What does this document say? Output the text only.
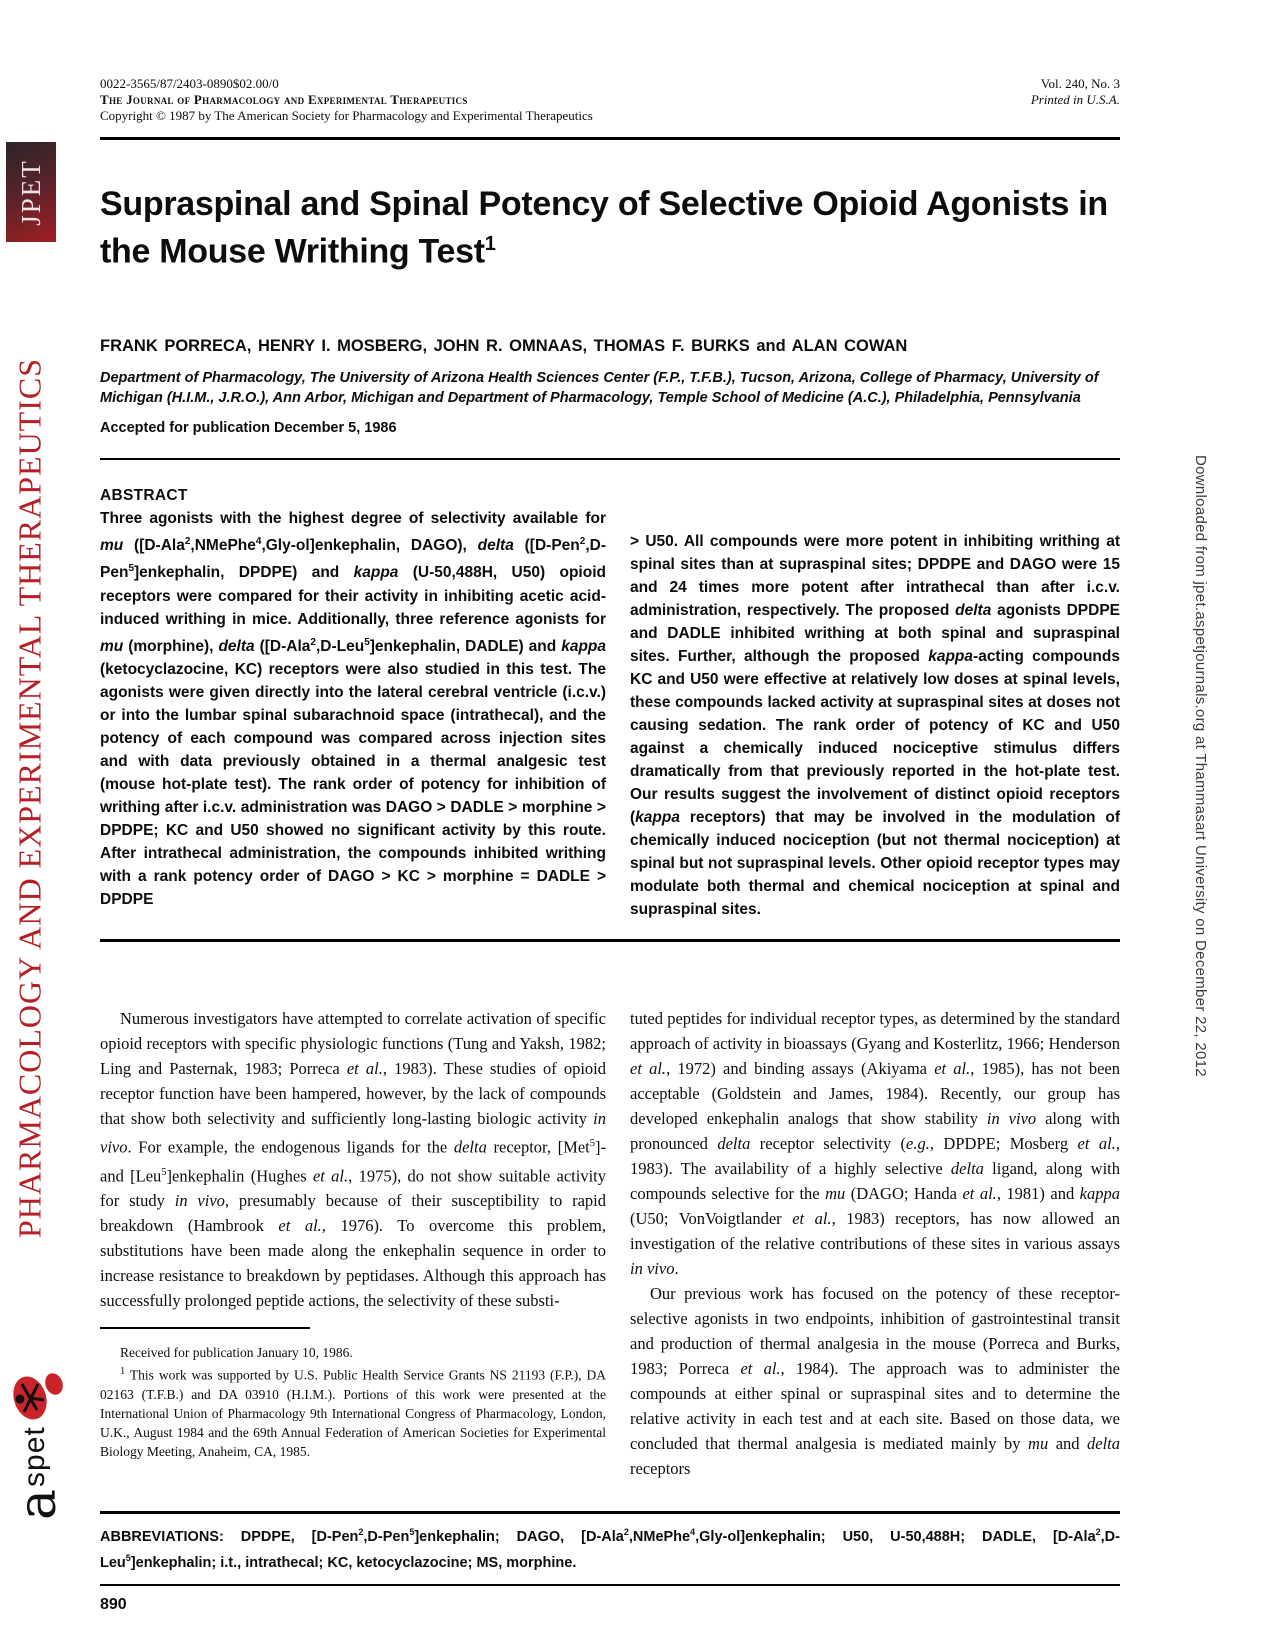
JPET
PHARMACOLOGY AND EXPERIMENTAL THERAPEUTICS
a
spet
Downloaded from jpet.aspetjournals.org at Thammasart University on December 22, 2012
0022-3565/87/2403-0890$02.00/0
The Journal of Pharmacology and Experimental Therapeutics
Copyright © 1987 by The American Society for Pharmacology and Experimental Therapeutics
Vol. 240, No. 3
Printed in U.S.A.
Supraspinal and Spinal Potency of Selective Opioid Agonists in the Mouse Writhing Test$^1$
FRANK PORRECA, HENRY I. MOSBERG, JOHN R. OMNAAS, THOMAS F. BURKS and ALAN COWAN
Department of Pharmacology, The University of Arizona Health Sciences Center (F.P., T.F.B.), Tucson, Arizona, College of Pharmacy, University of Michigan (H.I.M., J.R.O.), Ann Arbor, Michigan and Department of Pharmacology, Temple School of Medicine (A.C.), Philadelphia, Pennsylvania
Accepted for publication December 5, 1986
ABSTRACT
Three agonists with the highest degree of selectivity available for mu ([D-Ala$^2$,NMePhe$^4$,Gly-ol]enkephalin, DAGO), delta ([D-Pen$^2$,D-Pen$^5$]enkephalin, DPDPE) and kappa (U-50,488H, U50) opioid receptors were compared for their activity in inhibiting acetic acid-induced writhing in mice. Additionally, three reference agonists for mu (morphine), delta ([D-Ala$^2$,D-Leu$^5$]enkephalin, DADLE) and kappa (ketocyclazocine, KC) receptors were also studied in this test. The agonists were given directly into the lateral cerebral ventricle (i.c.v.) or into the lumbar spinal subarachnoid space (intrathecal), and the potency of each compound was compared across injection sites and with data previously obtained in a thermal analgesic test (mouse hot-plate test). The rank order of potency for inhibition of writhing after i.c.v. administration was DAGO > DADLE > morphine > DPDPE; KC and U50 showed no significant activity by this route. After intrathecal administration, the compounds inhibited writhing with a rank potency order of DAGO > KC > morphine = DADLE > DPDPE
> U50. All compounds were more potent in inhibiting writhing at spinal sites than at supraspinal sites; DPDPE and DAGO were 15 and 24 times more potent after intrathecal than after i.c.v. administration, respectively. The proposed delta agonists DPDPE and DADLE inhibited writhing at both spinal and supraspinal sites. Further, although the proposed kappa-acting compounds KC and U50 were effective at relatively low doses at spinal levels, these compounds lacked activity at supraspinal sites at doses not causing sedation. The rank order of potency of KC and U50 against a chemically induced nociceptive stimulus differs dramatically from that previously reported in the hot-plate test. Our results suggest the involvement of distinct opioid receptors (kappa receptors) that may be involved in the modulation of chemically induced nociception (but not thermal nociception) at spinal but not supraspinal levels. Other opioid receptor types may modulate both thermal and chemical nociception at spinal and supraspinal sites.

Numerous investigators have attempted to correlate activation of specific opioid receptors with specific physiologic functions (Tung and Yaksh, 1982; Ling and Pasternak, 1983; Porreca et al., 1983). These studies of opioid receptor function have been hampered, however, by the lack of compounds that show both selectivity and sufficiently long-lasting biologic activity in vivo. For example, the endogenous ligands for the delta receptor, [Met$^5$]- and [Leu$^5$]enkephalin (Hughes et al., 1975), do not show suitable activity for study in vivo, presumably because of their susceptibility to rapid breakdown (Hambrook et al., 1976). To overcome this problem, substitutions have been made along the enkephalin sequence in order to increase resistance to breakdown by peptidases. Although this approach has successfully prolonged peptide actions, the selectivity of these substi-

Received for publication January 10, 1986.

$^1$ This work was supported by U.S. Public Health Service Grants NS 21193 (F.P.), DA 02163 (T.F.B.) and DA 03910 (H.I.M.). Portions of this work were presented at the International Union of Pharmacology 9th International Congress of Pharmacology, London, U.K., August 1984 and the 69th Annual Federation of American Societies for Experimental Biology Meeting, Anaheim, CA, 1985.

tuted peptides for individual receptor types, as determined by the standard approach of activity in bioassays (Gyang and Kosterlitz, 1966; Henderson et al., 1972) and binding assays (Akiyama et al., 1985), has not been acceptable (Goldstein and James, 1984). Recently, our group has developed enkephalin analogs that show stability in vivo along with pronounced delta receptor selectivity (e.g., DPDPE; Mosberg et al., 1983). The availability of a highly selective delta ligand, along with compounds selective for the mu (DAGO; Handa et al., 1981) and kappa (U50; VonVoigtlander et al., 1983) receptors, has now allowed an investigation of the relative contributions of these sites in various assays in vivo.

Our previous work has focused on the potency of these receptor-selective agonists in two endpoints, inhibition of gastrointestinal transit and production of thermal analgesia in the mouse (Porreca and Burks, 1983; Porreca et al., 1984). The approach was to administer the compounds at either spinal or supraspinal sites and to determine the relative activity in each test and at each site. Based on those data, we concluded that thermal analgesia is mediated mainly by mu and delta receptors

ABBREVIATIONS: DPDPE, [D-Pen$^2$,D-Pen$^5$]enkephalin; DAGO, [D-Ala$^2$,NMePhe$^4$,Gly-ol]enkephalin; U50, U-50,488H; DADLE, [D-Ala$^2$,D-Leu$^5$]enkephalin; i.t., intrathecal; KC, ketocyclazocine; MS, morphine.
890
